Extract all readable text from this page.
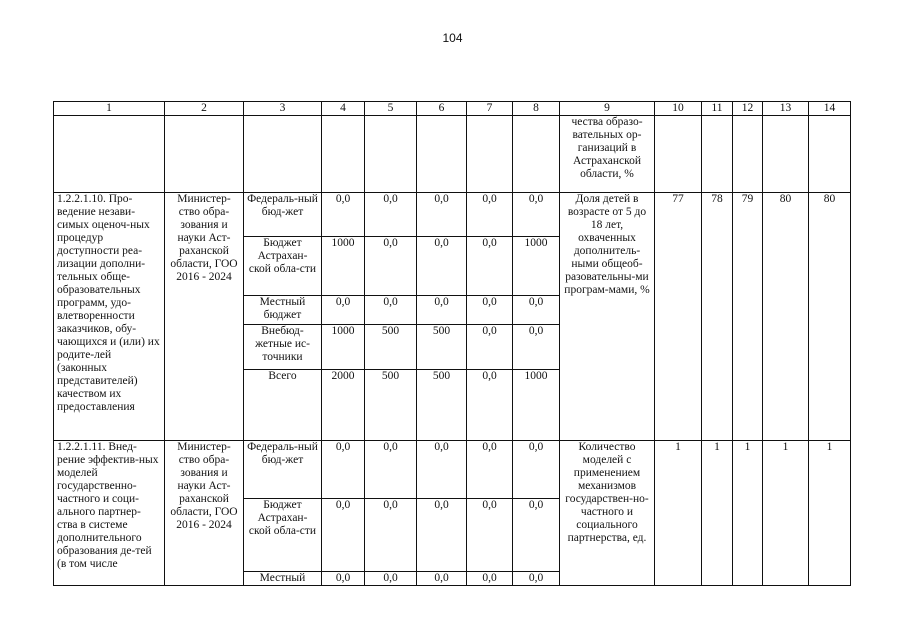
104
1	2	3	4	5	6	7	8	9	10	11	12	13	14
								чества образо-вательных ор-ганизаций в Астраханской области, %					
1.2.2.1.10. Про-ведение незави-симых оценоч-ных процедур доступности реа-лизации дополни-тельных обще-образовательных программ, удо-влетворенности заказчиков, обу-чающихся и (или) их родите-лей (законных представителей) качеством их предоставления	Министер-ство обра-зования и науки Аст-раханской области, ГОО 2016 - 2024	Федераль-ный бюд-жет	0,0	0,0	0,0	0,0	0,0	Доля детей в возрасте от 5 до 18 лет, охваченных дополнитель-ными общеоб-разовательны-ми програм-мами, %	77	78	79	80	80
		Бюджет Астрахан-ской обла-сти	1000	0,0	0,0	0,0	1000						
		Местный бюджет	0,0	0,0	0,0	0,0	0,0						
		Внебюд-жетные ис-точники	1000	500	500	0,0	0,0						
		Всего	2000	500	500	0,0	1000						
1.2.2.1.11. Внед-рение эффектив-ных моделей государственно-частного и соци-ального партнер-ства в системе дополнительного образования де-тей (в том числе	Министер-ство обра-зования и науки Аст-раханской области, ГОО 2016 - 2024	Федераль-ный бюд-жет	0,0	0,0	0,0	0,0	0,0	Количество моделей с применением механизмов государствен-но-частного и социального партнерства, ед.	1	1	1	1	1
		Бюджет Астрахан-ской обла-сти	0,0	0,0	0,0	0,0	0,0						
		Местный	0,0	0,0	0,0	0,0	0,0						
